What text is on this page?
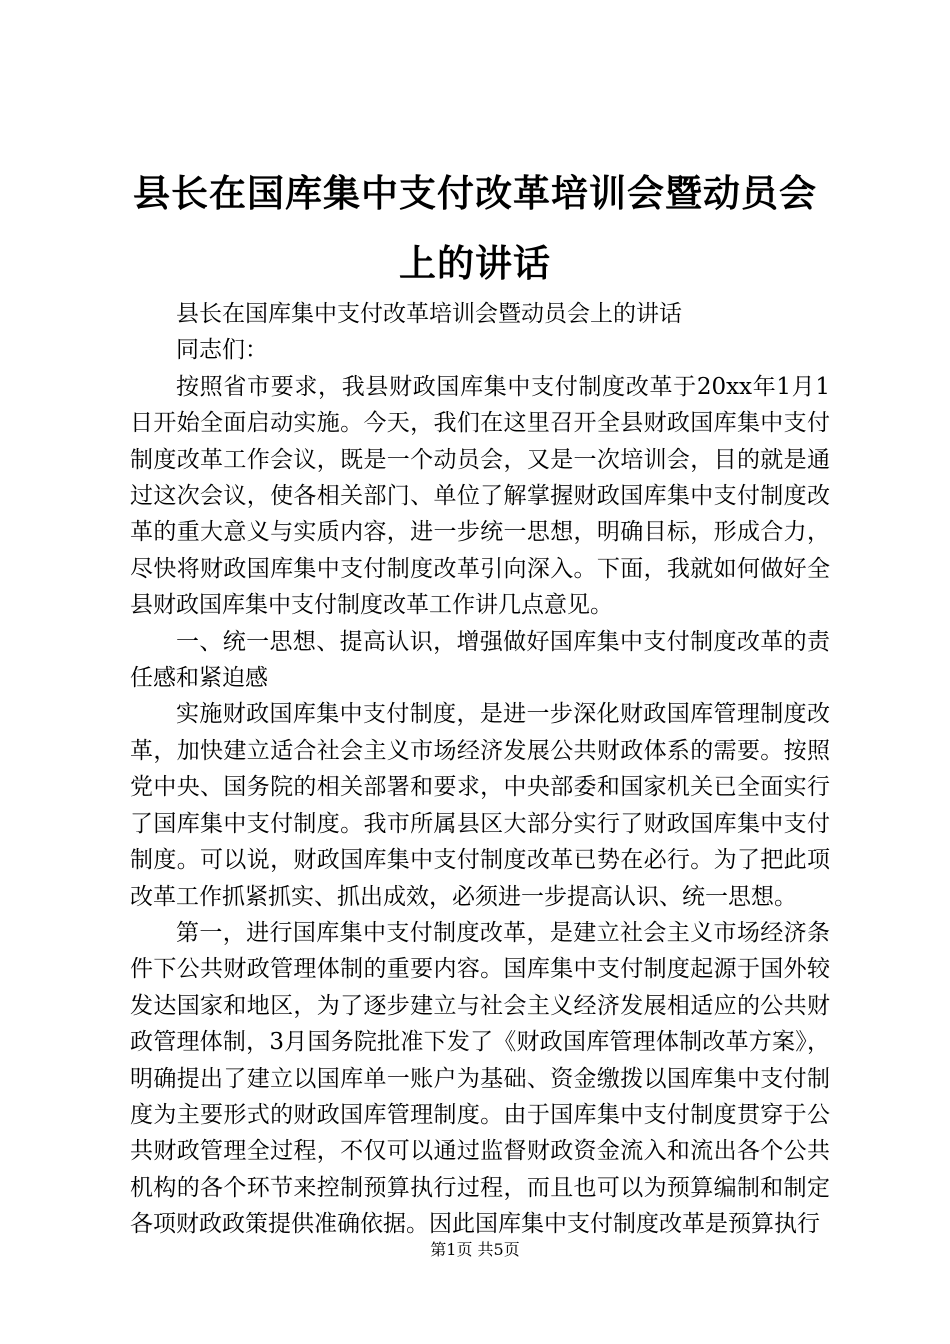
县长在国库集中支付改革培训会暨动员会上的讲话

县长在国库集中支付改革培训会暨动员会上的讲话

同志们：

按照省市要求，我县财政国库集中支付制度改革于20xx年1月1日开始全面启动实施。今天，我们在这里召开全县财政国库集中支付制度改革工作会议，既是一个动员会，又是一次培训会，目的就是通过这次会议，使各相关部门、单位了解掌握财政国库集中支付制度改革的重大意义与实质内容，进一步统一思想，明确目标，形成合力，尽快将财政国库集中支付制度改革引向深入。下面，我就如何做好全县财政国库集中支付制度改革工作讲几点意见。

一、统一思想、提高认识，增强做好国库集中支付制度改革的责任感和紧迫感

实施财政国库集中支付制度，是进一步深化财政国库管理制度改革，加快建立适合社会主义市场经济发展公共财政体系的需要。按照党中央、国务院的相关部署和要求，中央部委和国家机关已全面实行了国库集中支付制度。我市所属县区大部分实行了财政国库集中支付制度。可以说，财政国库集中支付制度改革已势在必行。为了把此项改革工作抓紧抓实、抓出成效，必须进一步提高认识、统一思想。

第一，进行国库集中支付制度改革，是建立社会主义市场经济条件下公共财政管理体制的重要内容。国库集中支付制度起源于国外较发达国家和地区，为了逐步建立与社会主义经济发展相适应的公共财政管理体制，3月国务院批准下发了《财政国库管理体制改革方案》，明确提出了建立以国库单一账户为基础、资金缴拨以国库集中支付制度为主要形式的财政国库管理制度。由于国库集中支付制度贯穿于公共财政管理全过程，不仅可以通过监督财政资金流入和流出各个公共机构的各个环节来控制预算执行过程，而且也可以为预算编制和制定各项财政政策提供准确依据。因此国库集中支付制度改革是预算执行

第1页 共5页
